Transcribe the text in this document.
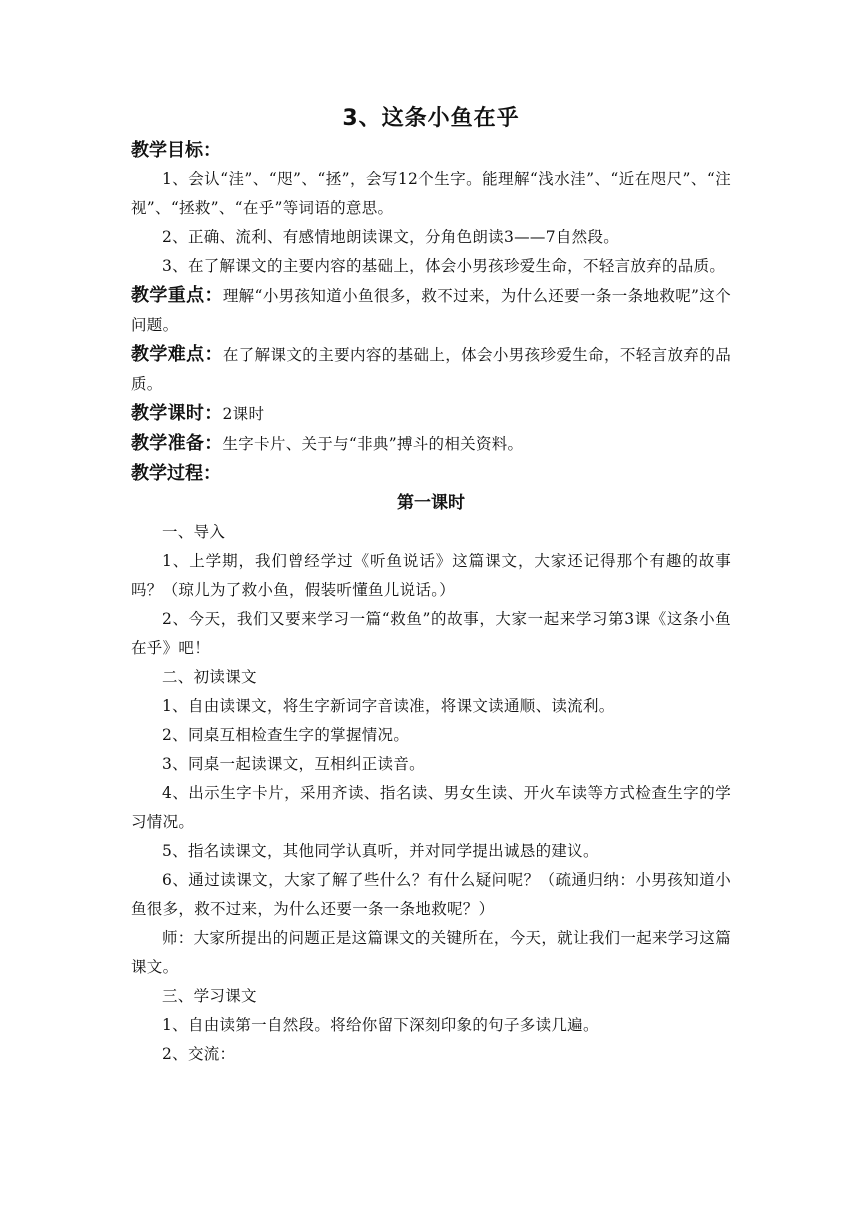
3、这条小鱼在乎
教学目标：

1、会认“洼”、“咫”、“拯”，会写12个生字。能理解“浅水洼”、“近在咫尺”、“注视”、“拯救”、“在乎”等词语的意思。

2、正确、流利、有感情地朗读课文，分角色朗读3——7自然段。

3、在了解课文的主要内容的基础上，体会小男孩珍爱生命，不轻言放弃的品质。

教学重点：理解“小男孩知道小鱼很多，救不过来，为什么还要一条一条地救呢”这个问题。

教学难点：在了解课文的主要内容的基础上，体会小男孩珍爱生命，不轻言放弃的品质。

教学课时：2课时

教学准备：生字卡片、关于与“非典”搏斗的相关资料。

教学过程：
第一课时

一、导入

1、上学期，我们曾经学过《听鱼说话》这篇课文，大家还记得那个有趣的故事吗？（琼儿为了救小鱼，假装听懂鱼儿说话。）

2、今天，我们又要来学习一篇“救鱼”的故事，大家一起来学习第3课《这条小鱼在乎》吧！

二、初读课文

1、自由读课文，将生字新词字音读准，将课文读通顺、读流利。

2、同桌互相检查生字的掌握情况。

3、同桌一起读课文，互相纠正读音。

4、出示生字卡片，采用齐读、指名读、男女生读、开火车读等方式检查生字的学习情况。

5、指名读课文，其他同学认真听，并对同学提出诚恳的建议。

6、通过读课文，大家了解了些什么？有什么疑问呢？（疏通归纳：小男孩知道小鱼很多，救不过来，为什么还要一条一条地救呢？）

师：大家所提出的问题正是这篇课文的关键所在，今天，就让我们一起来学习这篇课文。

三、学习课文

1、自由读第一自然段。将给你留下深刻印象的句子多读几遍。

2、交流：
